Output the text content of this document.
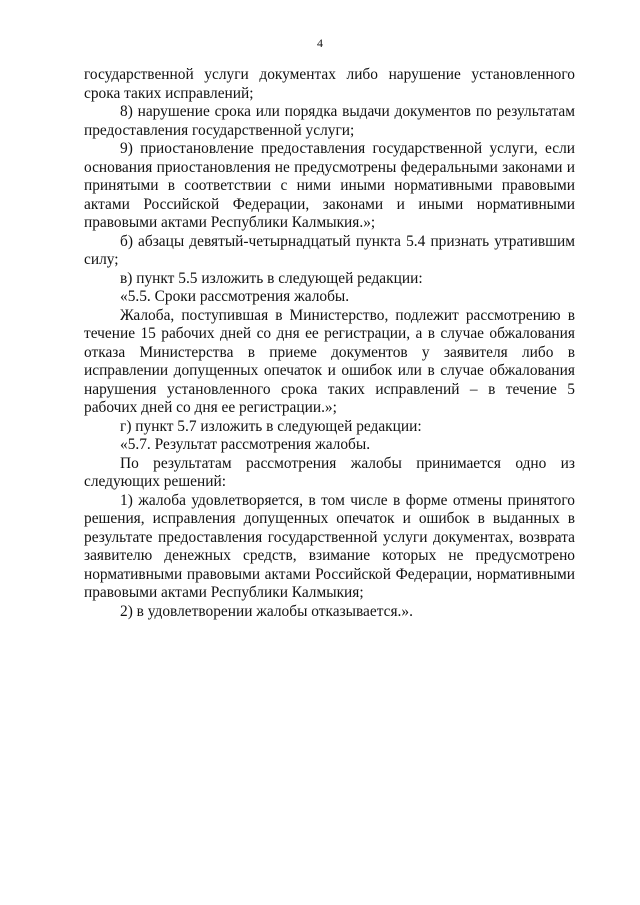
4

государственной услуги документах либо нарушение установленного срока таких исправлений;

8) нарушение срока или порядка выдачи документов по результатам предоставления государственной услуги;

9) приостановление предоставления государственной услуги, если основания приостановления не предусмотрены федеральными законами и принятыми в соответствии с ними иными нормативными правовыми актами Российской Федерации, законами и иными нормативными правовыми актами Республики Калмыкия.»;

б) абзацы девятый-четырнадцатый пункта 5.4 признать утратившим силу;

в) пункт 5.5 изложить в следующей редакции:

«5.5. Сроки рассмотрения жалобы.

Жалоба, поступившая в Министерство, подлежит рассмотрению в течение 15 рабочих дней со дня ее регистрации, а в случае обжалования отказа Министерства в приеме документов у заявителя либо в исправлении допущенных опечаток и ошибок или в случае обжалования нарушения установленного срока таких исправлений – в течение 5 рабочих дней со дня ее регистрации.»;

г) пункт 5.7 изложить в следующей редакции:

«5.7. Результат рассмотрения жалобы.

По результатам рассмотрения жалобы принимается одно из следующих решений:

1) жалоба удовлетворяется, в том числе в форме отмены принятого решения, исправления допущенных опечаток и ошибок в выданных в результате предоставления государственной услуги документах, возврата заявителю денежных средств, взимание которых не предусмотрено нормативными правовыми актами Российской Федерации, нормативными правовыми актами Республики Калмыкия;

2) в удовлетворении жалобы отказывается.».
